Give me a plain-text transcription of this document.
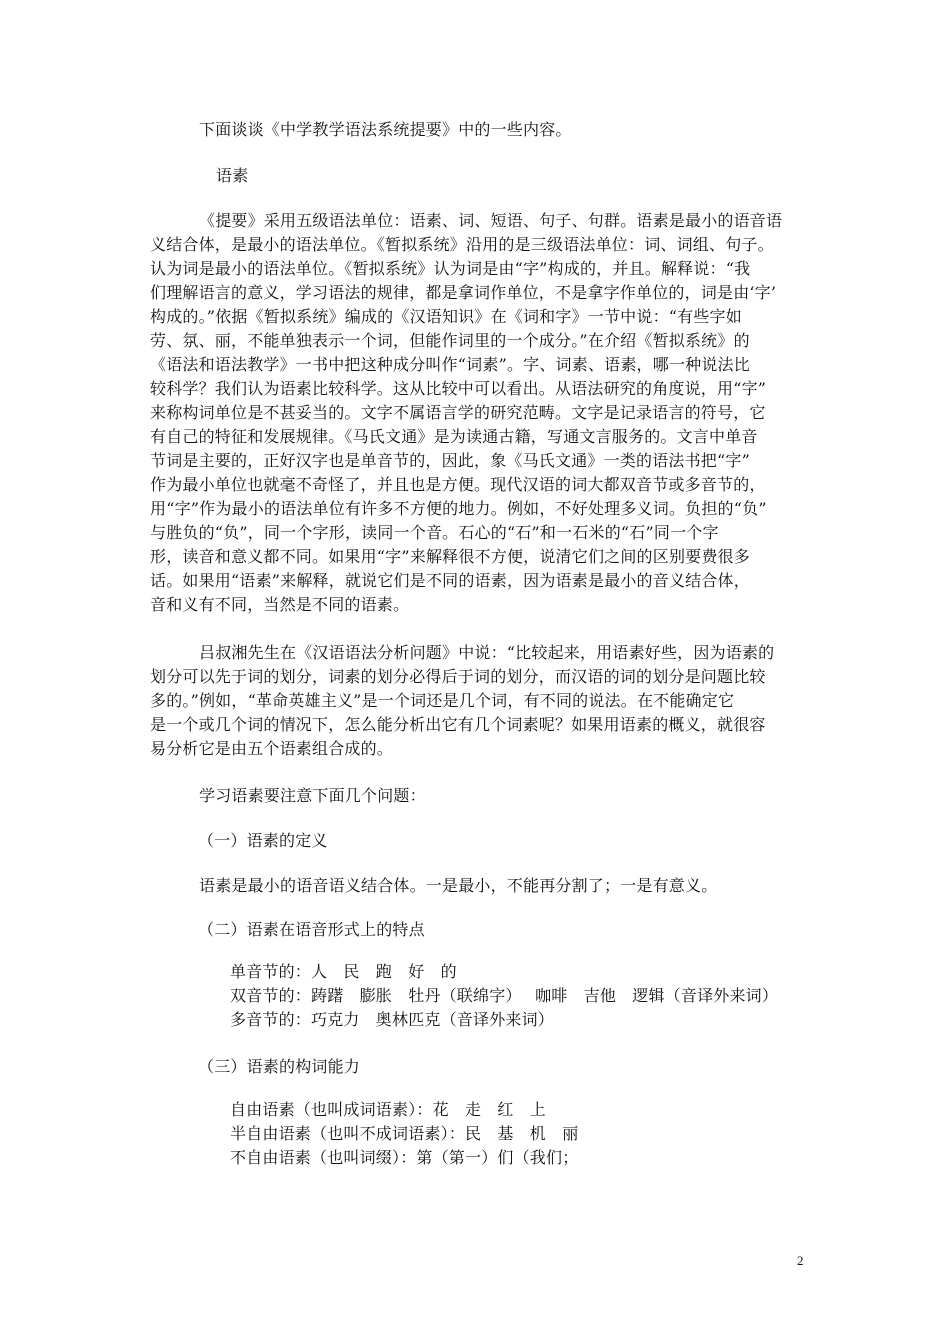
下面谈谈《中学教学语法系统提要》中的一些内容。
语素
《提要》采用五级语法单位：语素、词、短语、句子、句群。语素是最小的语音语
义结合体，是最小的语法单位。《暂拟系统》沿用的是三级语法单位：词、词组、句子。
认为词是最小的语法单位。《暂拟系统》认为词是由“字”构成的，并且。解释说：“我
们理解语言的意义，学习语法的规律，都是拿词作单位，不是拿字作单位的，词是由‘字’
构成的。”依据《暂拟系统》编成的《汉语知识》在《词和字》一节中说：“有些字如
劳、氛、丽，不能单独表示一个词，但能作词里的一个成分。”在介绍《暂拟系统》的
《语法和语法教学》一书中把这种成分叫作“词素”。字、词素、语素，哪一种说法比
较科学？我们认为语素比较科学。这从比较中可以看出。从语法研究的角度说，用“字”
来称构词单位是不甚妥当的。文字不属语言学的研究范畴。文字是记录语言的符号，它
有自己的特征和发展规律。《马氏文通》是为读通古籍，写通文言服务的。文言中单音
节词是主要的，正好汉字也是单音节的，因此，象《马氏文通》一类的语法书把“字”
作为最小单位也就毫不奇怪了，并且也是方便。现代汉语的词大都双音节或多音节的，
用“字”作为最小的语法单位有许多不方便的地力。例如，不好处理多义词。负担的“负”
与胜负的“负”，同一个字形，读同一个音。石心的“石”和一石米的“石”同一个字
形，读音和意义都不同。如果用“字”来解释很不方便，说清它们之间的区别要费很多
话。如果用“语素”来解释，就说它们是不同的语素，因为语素是最小的音义结合体，
音和义有不同，当然是不同的语素。
吕叔湘先生在《汉语语法分析问题》中说：“比较起来，用语素好些，因为语素的
划分可以先于词的划分，词素的划分必得后于词的划分，而汉语的词的划分是问题比较
多的。”例如，“革命英雄主义”是一个词还是几个词，有不同的说法。在不能确定它
是一个或几个词的情况下，怎么能分析出它有几个词素呢？如果用语素的概义，就很容
易分析它是由五个语素组合成的。
学习语素要注意下面几个问题：
（一）语素的定义
语素是最小的语音语义结合体。一是最小，不能再分割了；一是有意义。
（二）语素在语音形式上的特点
单音节的：人　民　跑　好　的
双音节的：踌躇　膨胀　牡丹（联绵字）　 咖啡　吉他　逻辑（音译外来词）
多音节的：巧克力　奥林匹克（音译外来词）
（三）语素的构词能力
自由语素（也叫成词语素）：花　走　红　上
半自由语素（也叫不成词语素）：民　基　机　丽
不自由语素（也叫词缀）：第（第一）们（我们；
2
